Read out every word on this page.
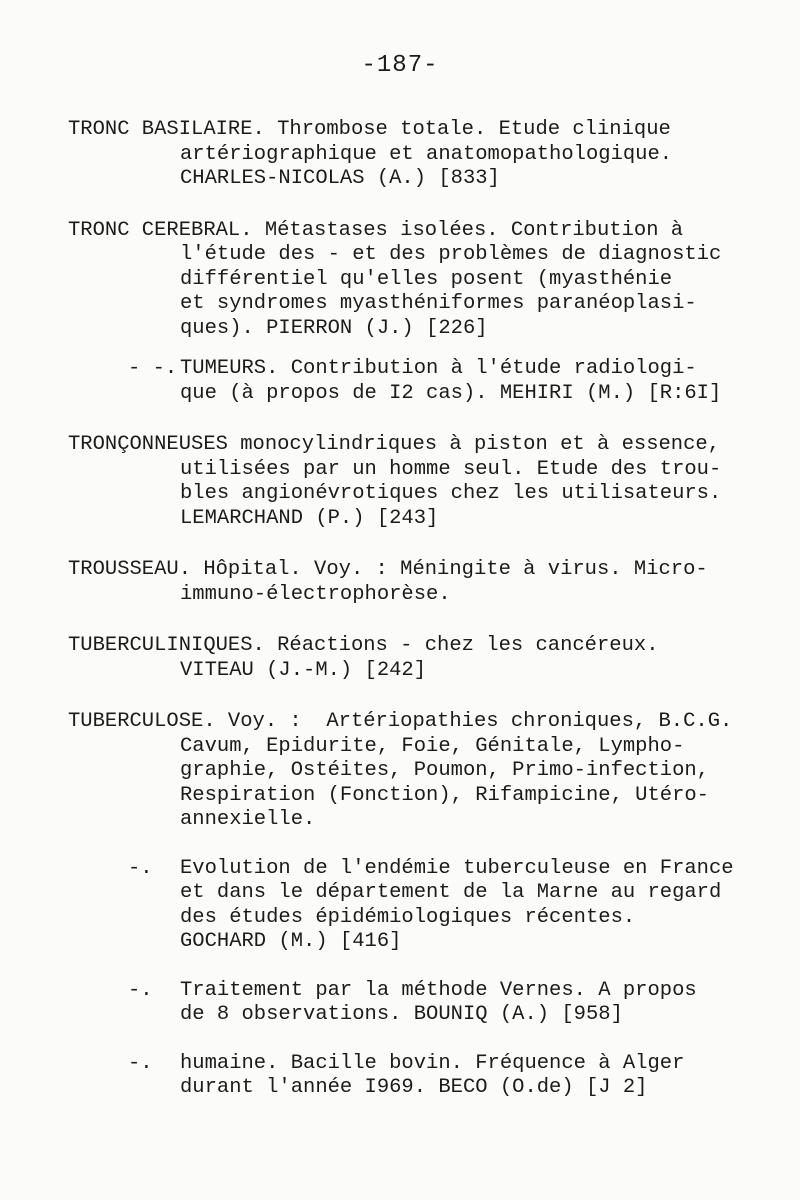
-187-
TRONC BASILAIRE. Thrombose totale. Etude clinique
artériographique et anatomopathologique.
CHARLES-NICOLAS (A.) [833]
TRONC CEREBRAL. Métastases isolées. Contribution à
l'étude des - et des problèmes de diagnostic
différentiel qu'elles posent (myasthénie
et syndromes myasthéniformes paranéoplasi-
ques). PIERRON (J.) [226]
- -. TUMEURS. Contribution à l'étude radiologi-
que (à propos de I2 cas). MEHIRI (M.) [R:6I]
TRONÇONNEUSES monocylindriques à piston et à essence,
utilisées par un homme seul. Etude des trou-
bles angionévrotiques chez les utilisateurs.
LEMARCHAND (P.) [243]
TROUSSEAU. Hôpital. Voy. : Méningite à virus. Micro-
immuno-électrophorèse.
TUBERCULINIQUES. Réactions - chez les cancéreux.
VITEAU (J.-M.) [242]
TUBERCULOSE. Voy. :  Artériopathies chroniques, B.C.G.
Cavum, Epidurite, Foie, Génitale, Lympho-
graphie, Ostéites, Poumon, Primo-infection,
Respiration (Fonction), Rifampicine, Utéro-
annexielle.
-. Evolution de l'endémie tuberculeuse en France
et dans le département de la Marne au regard
des études épidémiologiques récentes.
GOCHARD (M.) [416]
-. Traitement par la méthode Vernes. A propos
de 8 observations. BOUNIQ (A.) [958]
-. humaine. Bacille bovin. Fréquence à Alger
durant l'année I969. BECO (O.de) [J 2]
